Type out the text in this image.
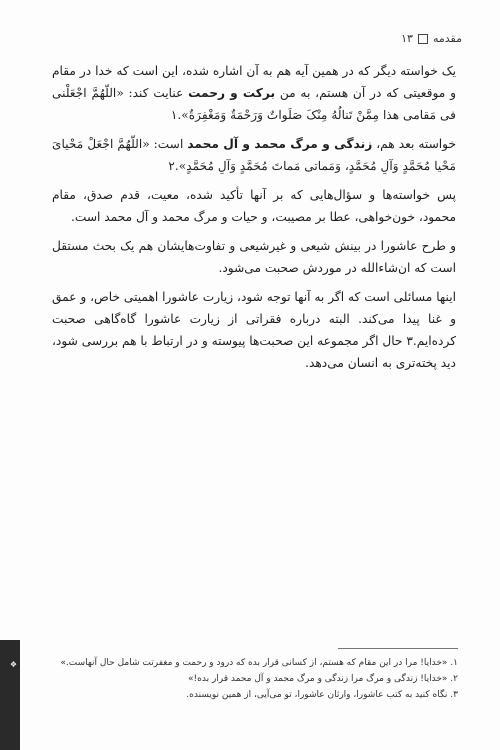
مقدمه
۱۳

یک خواسته دیگر که در همین آیه هم به آن اشاره شده، این است که خدا در مقام و موقعیتی که در آن هستم، به من برکت و رحمت عنایت کند: «اللّهُمَّ اجْعَلْنی فی مَقامی هذا مِمَّنْ تَنالُهُ مِنْکَ صَلَواتٌ وَرَحْمَةٌ وَمَغْفِرَةٌ».۱

خواسته بعد هم، زندگی و مرگ محمد و آل محمد است: «اللّهُمَّ اجْعَلْ مَحْیایَ مَحْیا مُحَمَّدٍ وَآلِ مُحَمَّدٍ، وَمَماتی مَماتَ مُحَمَّدٍ وَآلِ مُحَمَّدٍ».۲

پس خواسته‌ها و سؤال‌هایی که بر آنها تأکید شده، معیت، قدم صدق، مقام محمود، خون‌خواهی، عطا بر مصیبت، و حیات و مرگ محمد و آل محمد است.

و طرح عاشورا در بینش شیعی و غیرشیعی و تفاوت‌هایشان هم یک بحث مستقل است که ان‌شاءالله در موردش صحبت می‌شود.

اینها مسائلی است که اگر به آنها توجه شود، زیارت عاشورا اهمیتی خاص، و عمق و غنا پیدا می‌کند. البته درباره فقراتی از زیارت عاشورا گاه‌گاهی صحبت کرده‌ایم.۳ حال اگر مجموعه این صحبت‌ها پیوسته و در ارتباط با هم بررسی شود، دید پخته‌تری به انسان می‌دهد.

۱. «خدایا! مرا در این مقام که هستم، از کسانی قرار بده که درود و رحمت و مغفرتت شامل حال آنهاست.»
۲. «خدایا! زندگی و مرگ مرا زندگی و مرگ محمد و آل محمد قرار بده!»
۳. نگاه کنید به کتب عاشورا، وارثان عاشورا، تو می‌آیی، از همین نویسنده.
❖
